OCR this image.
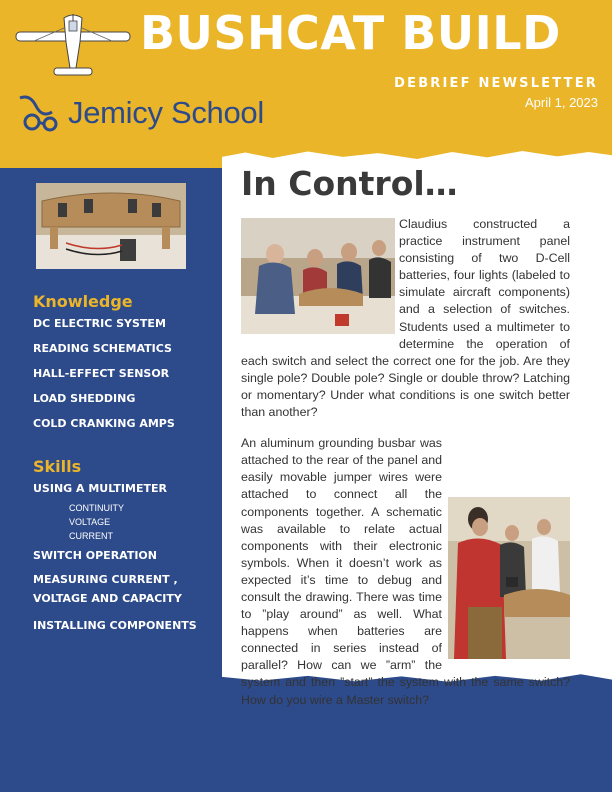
BUSHCAT BUILD
DEBRIEF NEWSLETTER
April 1, 2023
Jemicy School
Knowledge
DC ELECTRIC SYSTEM
READING SCHEMATICS
HALL-EFFECT SENSOR
LOAD SHEDDING
COLD CRANKING AMPS
Skills
USING A MULTIMETER
CONTINUITY
VOLTAGE
CURRENT
SWITCH OPERATION
MEASURING CURRENT , VOLTAGE AND CAPACITY
INSTALLING COMPONENTS
In Control…

Claudius constructed a practice instrument panel consisting of two D-Cell batteries, four lights (labeled to simulate aircraft components) and a selection of switches. Students used a multimeter to determine the operation of each switch and select the correct one for the job. Are they single pole? Double pole? Single or double throw? Latching or momentary? Under what conditions is one switch better than another?

An aluminum grounding busbar was attached to the rear of the panel and easily movable jumper wires were attached to connect all the components together. A schematic was available to relate actual components with their electronic symbols. When it doesn’t work as expected it’s time to debug and consult the drawing. There was time to ”play around” as well. What happens when batteries are connected in series instead of parallel? How can we ”arm” the system and then ”start” the system with the same switch? How do you wire a Master switch?
